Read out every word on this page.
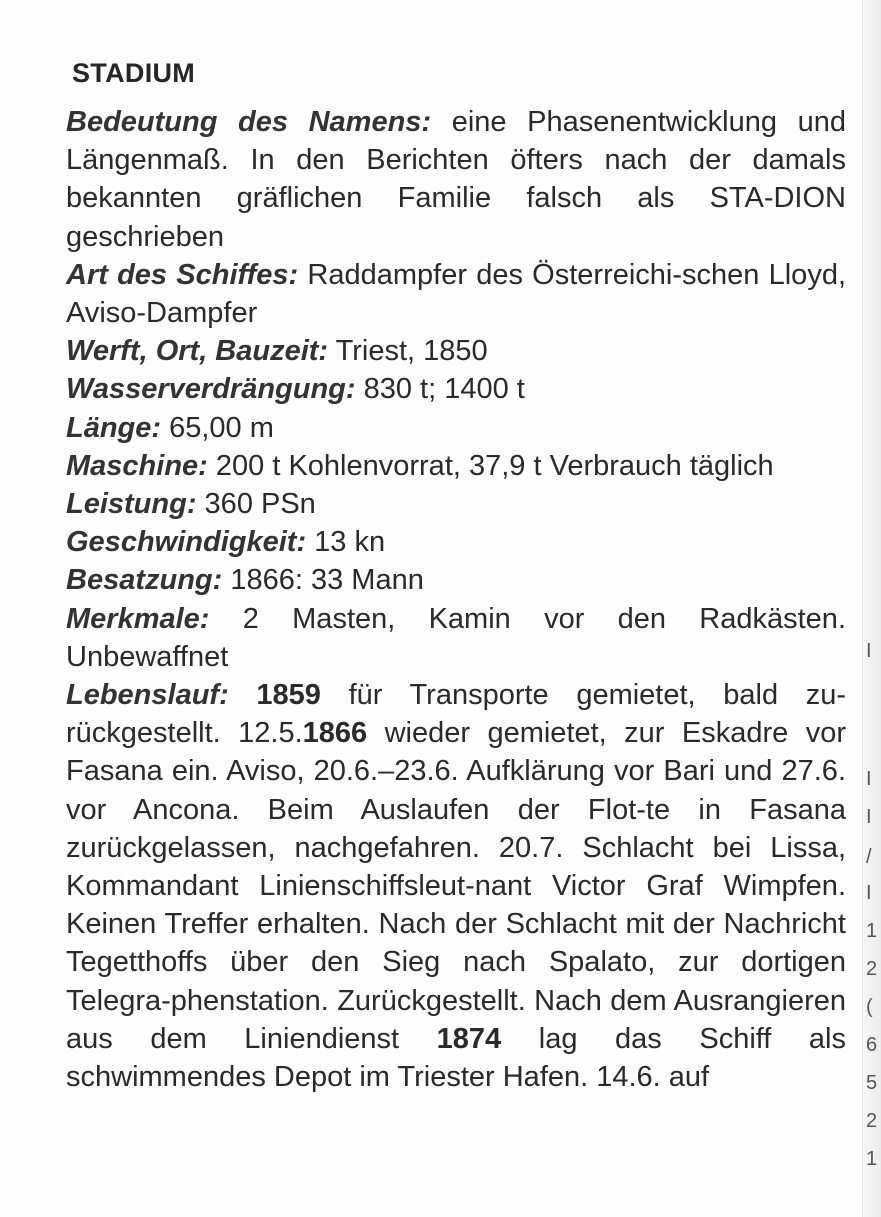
STADIUM

Bedeutung des Namens: eine Phasenentwicklung und Längenmaß. In den Berichten öfters nach der damals bekannten gräflichen Familie falsch als STA-DION geschrieben

Art des Schiffes: Raddampfer des Österreichi-schen Lloyd, Aviso-Dampfer

Werft, Ort, Bauzeit: Triest, 1850

Wasserverdrängung: 830 t; 1400 t

Länge: 65,00 m

Maschine: 200 t Kohlenvorrat, 37,9 t Verbrauch täglich

Leistung: 360 PSn

Geschwindigkeit: 13 kn

Besatzung: 1866: 33 Mann

Merkmale: 2 Masten, Kamin vor den Radkästen. Unbewaffnet

Lebenslauf: 1859 für Transporte gemietet, bald zu-rückgestellt. 12.5.1866 wieder gemietet, zur Eskadre vor Fasana ein. Aviso, 20.6.–23.6. Aufklärung vor Bari und 27.6. vor Ancona. Beim Auslaufen der Flot-te in Fasana zurückgelassen, nachgefahren. 20.7. Schlacht bei Lissa, Kommandant Linienschiffsleut-nant Victor Graf Wimpfen. Keinen Treffer erhalten. Nach der Schlacht mit der Nachricht Tegetthoffs über den Sieg nach Spalato, zur dortigen Telegra-phenstation. Zurückgestellt. Nach dem Ausrangieren aus dem Liniendienst 1874 lag das Schiff als schwimmendes Depot im Triester Hafen. 14.6. auf

I
I
I
/
I
1
2
(
6
5
2
1
